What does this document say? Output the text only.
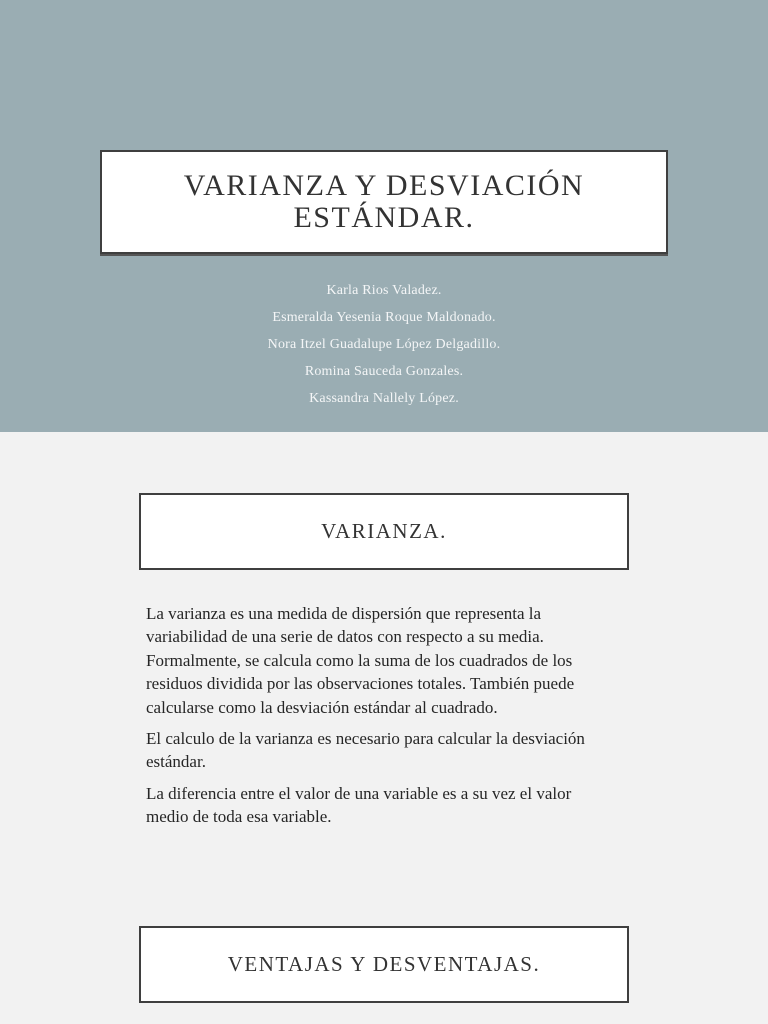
VARIANZA Y DESVIACIÓN
ESTÁNDAR.
Karla Rios Valadez.
Esmeralda Yesenia Roque Maldonado.
Nora Itzel Guadalupe López Delgadillo.
Romina Sauceda Gonzales.
Kassandra Nallely López.
VARIANZA.

La varianza es una medida de dispersión que representa la variabilidad de una serie de datos con respecto a su media. Formalmente, se calcula como la suma de los cuadrados de los residuos dividida por las observaciones totales. También puede calcularse como la desviación estándar al cuadrado.

El calculo de la varianza es necesario para calcular la desviación estándar.

La diferencia entre el valor de una variable es a su vez el valor medio de toda esa variable.

VENTAJAS Y DESVENTAJAS.
